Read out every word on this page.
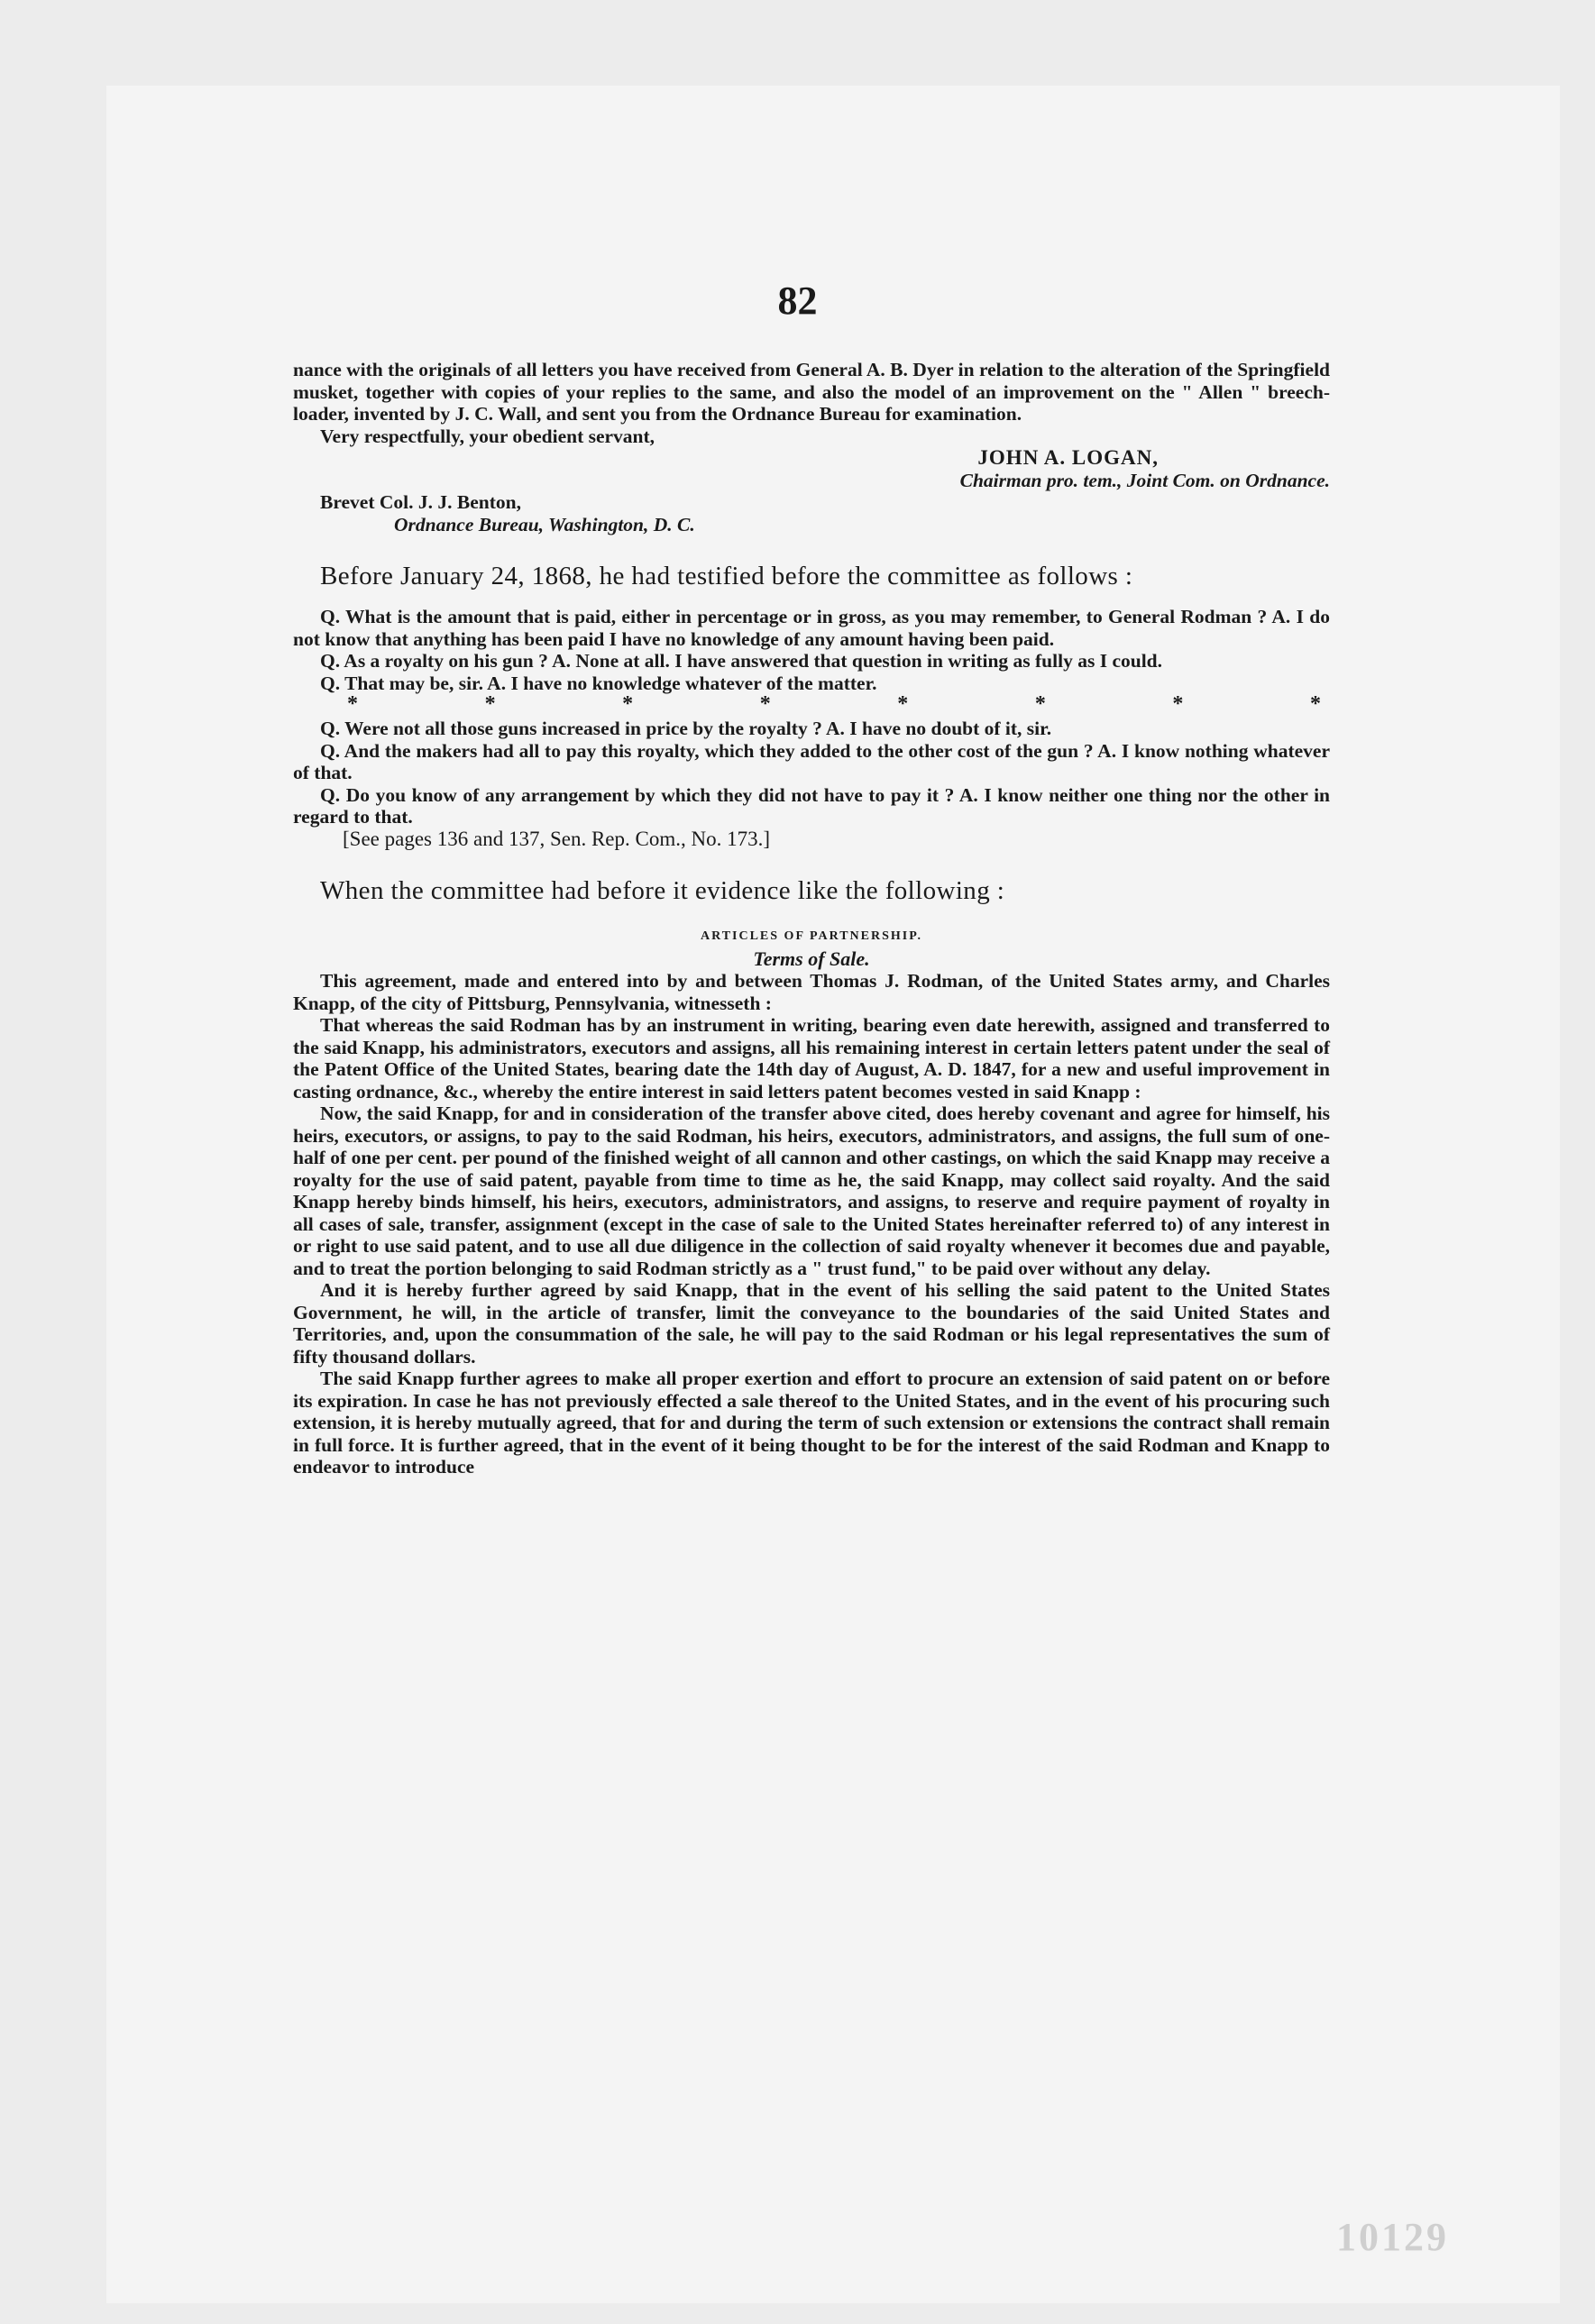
82

nance with the originals of all letters you have received from General A. B. Dyer in relation to the alteration of the Springfield musket, together with copies of your replies to the same, and also the model of an improvement on the " Allen " breech-loader, invented by J. C. Wall, and sent you from the Ordnance Bureau for examination.

Very respectfully, your obedient servant,

JOHN A. LOGAN,

Chairman pro. tem., Joint Com. on Ordnance.

Brevet Col. J. J. Benton,

Ordnance Bureau, Washington, D. C.

Before January 24, 1868, he had testified before the committee as follows :

Q. What is the amount that is paid, either in percentage or in gross, as you may remember, to General Rodman ? A. I do not know that anything has been paid I have no knowledge of any amount having been paid.

Q. As a royalty on his gun ? A. None at all. I have answered that question in writing as fully as I could.

Q. That may be, sir. A. I have no knowledge whatever of the matter.

*	*	*	*	*	*	*	*

Q. Were not all those guns increased in price by the royalty ? A. I have no doubt of it, sir.

Q. And the makers had all to pay this royalty, which they added to the other cost of the gun ? A. I know nothing whatever of that.

Q. Do you know of any arrangement by which they did not have to pay it ? A. I know neither one thing nor the other in regard to that.

[See pages 136 and 137, Sen. Rep. Com., No. 173.]

When the committee had before it evidence like the following :

ARTICLES OF PARTNERSHIP.

Terms of Sale.

This agreement, made and entered into by and between Thomas J. Rodman, of the United States army, and Charles Knapp, of the city of Pittsburg, Pennsylvania, witnesseth :

That whereas the said Rodman has by an instrument in writing, bearing even date herewith, assigned and transferred to the said Knapp, his administrators, executors and assigns, all his remaining interest in certain letters patent under the seal of the Patent Office of the United States, bearing date the 14th day of August, A. D. 1847, for a new and useful improvement in casting ordnance, &c., whereby the entire interest in said letters patent becomes vested in said Knapp :

Now, the said Knapp, for and in consideration of the transfer above cited, does hereby covenant and agree for himself, his heirs, executors, or assigns, to pay to the said Rodman, his heirs, executors, administrators, and assigns, the full sum of one-half of one per cent. per pound of the finished weight of all cannon and other castings, on which the said Knapp may receive a royalty for the use of said patent, payable from time to time as he, the said Knapp, may collect said royalty. And the said Knapp hereby binds himself, his heirs, executors, administrators, and assigns, to reserve and require payment of royalty in all cases of sale, transfer, assignment (except in the case of sale to the United States hereinafter referred to) of any interest in or right to use said patent, and to use all due diligence in the collection of said royalty whenever it becomes due and payable, and to treat the portion belonging to said Rodman strictly as a " trust fund," to be paid over without any delay.

And it is hereby further agreed by said Knapp, that in the event of his selling the said patent to the United States Government, he will, in the article of transfer, limit the conveyance to the boundaries of the said United States and Territories, and, upon the consummation of the sale, he will pay to the said Rodman or his legal representatives the sum of fifty thousand dollars.

The said Knapp further agrees to make all proper exertion and effort to procure an extension of said patent on or before its expiration. In case he has not previously effected a sale thereof to the United States, and in the event of his procuring such extension, it is hereby mutually agreed, that for and during the term of such extension or extensions the contract shall remain in full force. It is further agreed, that in the event of it being thought to be for the interest of the said Rodman and Knapp to endeavor to introduce

10129
